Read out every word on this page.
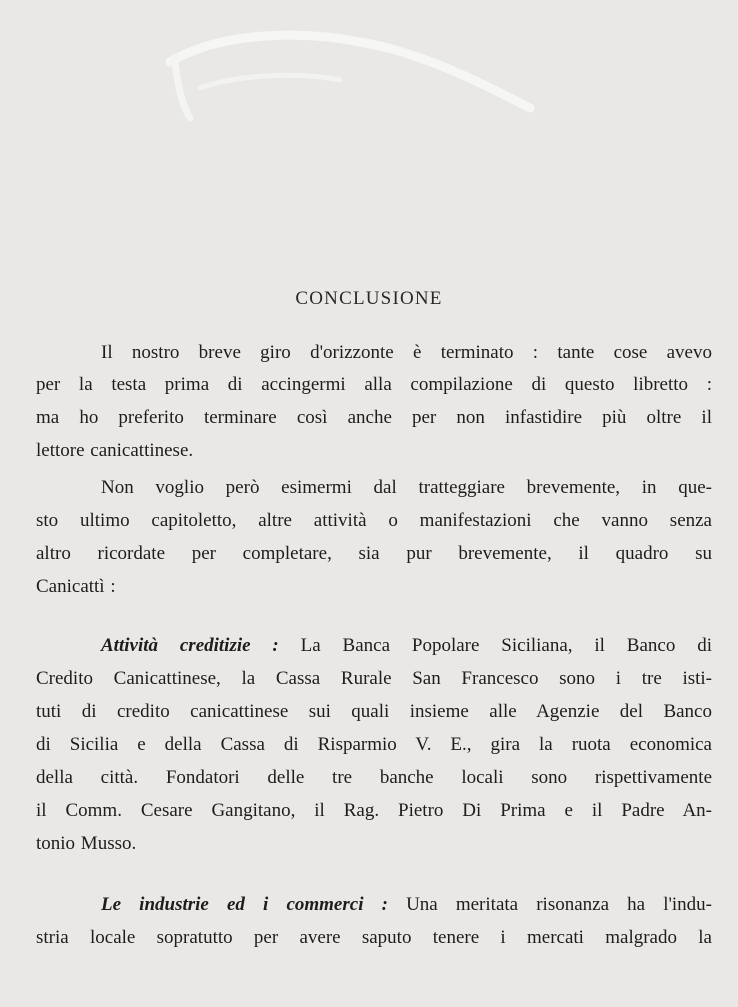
CONCLUSIONE
Il nostro breve giro d'orizzonte è terminato : tante cose avevo
per la testa prima di accingermi alla compilazione di questo libretto :
ma ho preferito terminare così anche per non infastidire più oltre il
lettore canicattinese.
Non voglio però esimermi dal tratteggiare brevemente, in que-
sto ultimo capitoletto, altre attività o manifestazioni che vanno senza
altro ricordate per completare, sia pur brevemente, il quadro su
Canicattì :
Attività creditizie : La Banca Popolare Siciliana, il Banco di
Credito Canicattinese, la Cassa Rurale San Francesco sono i tre isti-
tuti di credito canicattinese sui quali insieme alle Agenzie del Banco
di Sicilia e della Cassa di Risparmio V. E., gira la ruota economica
della città. Fondatori delle tre banche locali sono rispettivamente
il Comm. Cesare Gangitano, il Rag. Pietro Di Prima e il Padre An-
tonio Musso.
Le industrie ed i commerci : Una meritata risonanza ha l'indu-
stria locale sopratutto per avere saputo tenere i mercati malgrado la
